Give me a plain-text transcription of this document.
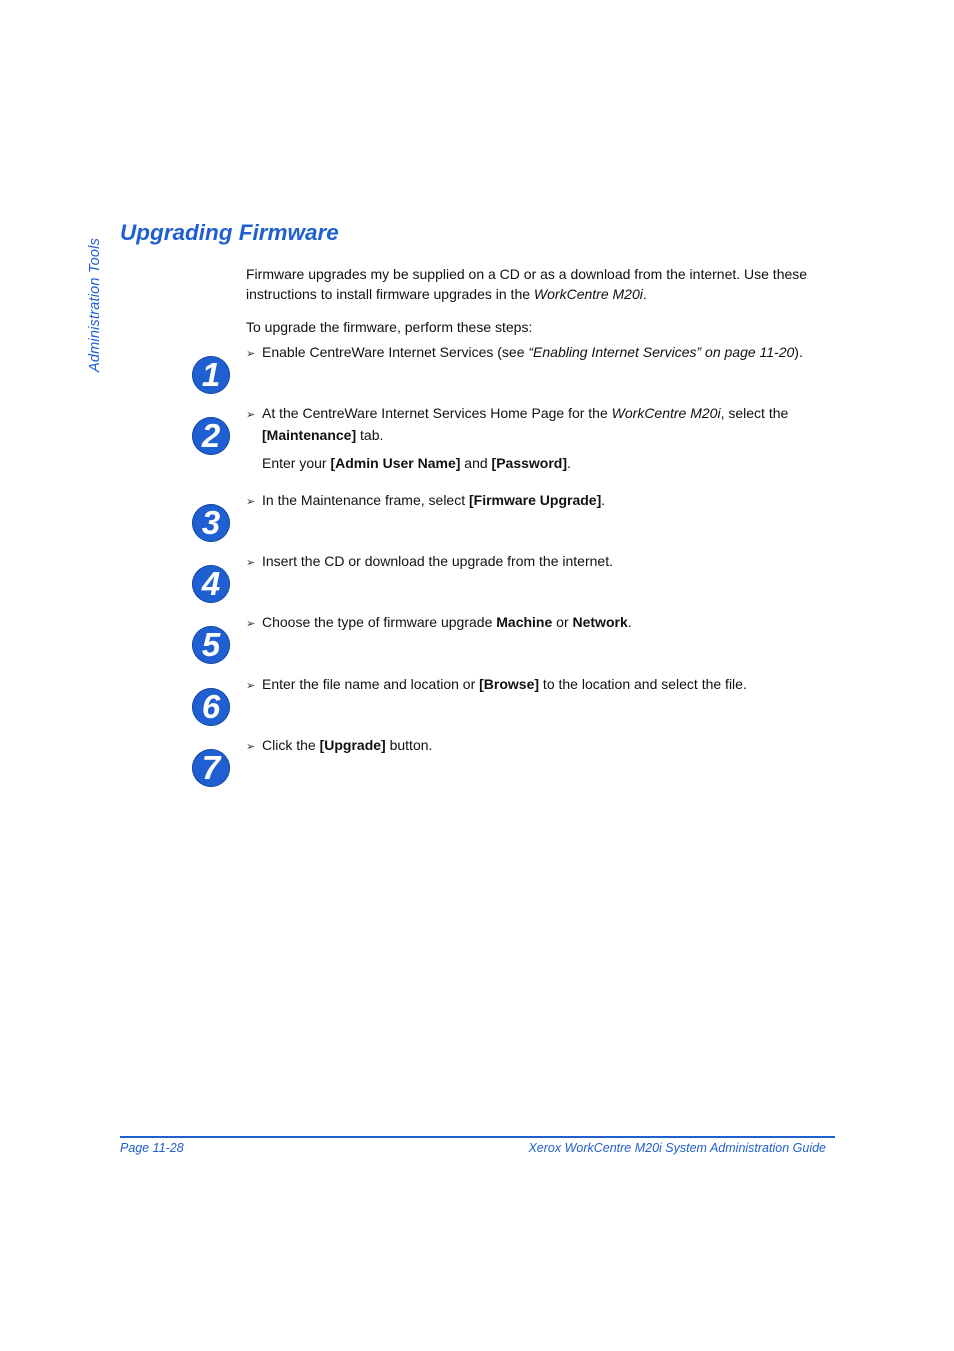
Administration Tools
Upgrading Firmware

Firmware upgrades my be supplied on a CD or as a download from the internet. Use these instructions to install firmware upgrades in the WorkCentre M20i.

To upgrade the firmware, perform these steps:

1

➢ Enable CentreWare Internet Services (see “Enabling Internet Services” on page 11-20).

2

➢ At the CentreWare Internet Services Home Page for the WorkCentre M20i, select the [Maintenance] tab.

Enter your [Admin User Name] and [Password].

3

➢ In the Maintenance frame, select [Firmware Upgrade].

4

➢ Insert the CD or download the upgrade from the internet.

5

➢ Choose the type of firmware upgrade Machine or Network.

6

➢ Enter the file name and location or [Browse] to the location and select the file.

7

➢ Click the [Upgrade] button.

Page 11-28	Xerox WorkCentre M20i System Administration Guide
